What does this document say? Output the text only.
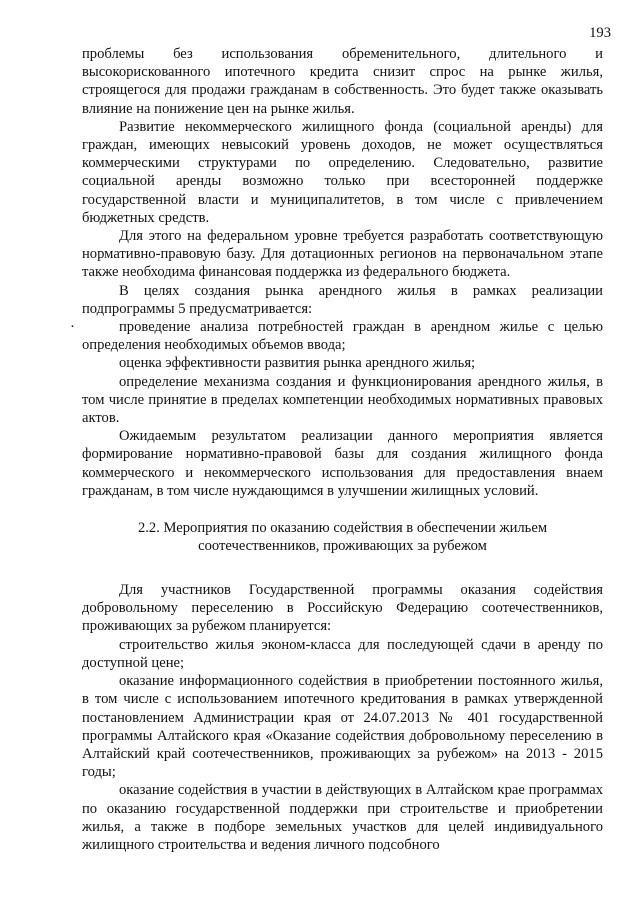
193

проблемы без использования обременительного, длительного и высокорискованного ипотечного кредита снизит спрос на рынке жилья, строящегося для продажи гражданам в собственность. Это будет также оказывать влияние на понижение цен на рынке жилья.

Развитие некоммерческого жилищного фонда (социальной аренды) для граждан, имеющих невысокий уровень доходов, не может осуществляться коммерческими структурами по определению. Следовательно, развитие социальной аренды возможно только при всесторонней поддержке государственной власти и муниципалитетов, в том числе с привлечением бюджетных средств.

Для этого на федеральном уровне требуется разработать соответствующую нормативно-правовую базу. Для дотационных регионов на первоначальном этапе также необходима финансовая поддержка из федерального бюджета.

В целях создания рынка арендного жилья в рамках реализации подпрограммы 5 предусматривается:

·	проведение анализа потребностей граждан в арендном жилье с целью определения необходимых объемов ввода;

оценка эффективности развития рынка арендного жилья;

определение механизма создания и функционирования арендного жилья, в том числе принятие в пределах компетенции необходимых нормативных правовых актов.

Ожидаемым результатом реализации данного мероприятия является формирование нормативно-правовой базы для создания жилищного фонда коммерческого и некоммерческого использования для предоставления внаем гражданам, в том числе нуждающимся в улучшении жилищных условий.

2.2. Мероприятия по оказанию содействия в обеспечении жильем
соотечественников, проживающих за рубежом

Для участников Государственной программы оказания содействия добровольному переселению в Российскую Федерацию соотечественников, проживающих за рубежом планируется:

строительство жилья эконом-класса для последующей сдачи в аренду по доступной цене;

оказание информационного содействия в приобретении постоянного жилья, в том числе с использованием ипотечного кредитования в рамках утвержденной постановлением Администрации края от 24.07.2013 № 401 государственной программы Алтайского края «Оказание содействия добровольному переселению в Алтайский край соотечественников, проживающих за рубежом» на 2013 - 2015 годы;

оказание содействия в участии в действующих в Алтайском крае программах по оказанию государственной поддержки при строительстве и приобретении жилья, а также в подборе земельных участков для целей индивидуального жилищного строительства и ведения личного подсобного
